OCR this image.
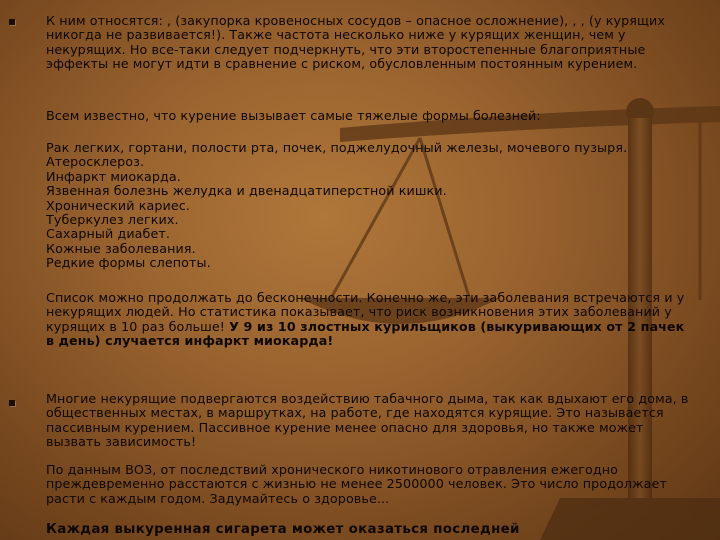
К ним относятся: , (закупорка кровеносных сосудов – опасное осложнение), , , (у курящих никогда не развивается!). Также частота несколько ниже у курящих женщин, чем у некурящих. Но все-таки следует подчеркнуть, что эти второстепенные благоприятные эффекты не могут идти в сравнение с риском, обусловленным постоянным курением.

Всем известно, что курение вызывает самые тяжелые формы болезней:

Рак легких, гортани, полости рта, почек, поджелудочный железы, мочевого пузыря.

Атеросклероз.

Инфаркт миокарда.

Язвенная болезнь желудка и двенадцатиперстной кишки.

Хронический кариес.

Туберкулез легких.

Сахарный диабет.

Кожные заболевания.

Редкие формы слепоты.

Список можно продолжать до бесконечности. Конечно же, эти заболевания встречаются и у некурящих людей. Но статистика показывает, что риск возникновения этих заболеваний у курящих в 10 раз больше! У 9 из 10 злостных курильщиков (выкуривающих от 2 пачек в день) случается инфаркт миокарда!

Многие некурящие подвергаются воздействию табачного дыма, так как вдыхают его дома, в общественных местах, в маршрутках, на работе, где находятся курящие. Это называется пассивным курением. Пассивное курение менее опасно для здоровья, но также может вызвать зависимость!

По данным ВОЗ, от последствий хронического никотинового отравления ежегодно преждевременно расстаются с жизнью не менее 2500000 человек. Это число продолжает расти с каждым годом. Задумайтесь о здоровье...

Каждая выкуренная сигарета может оказаться последней
